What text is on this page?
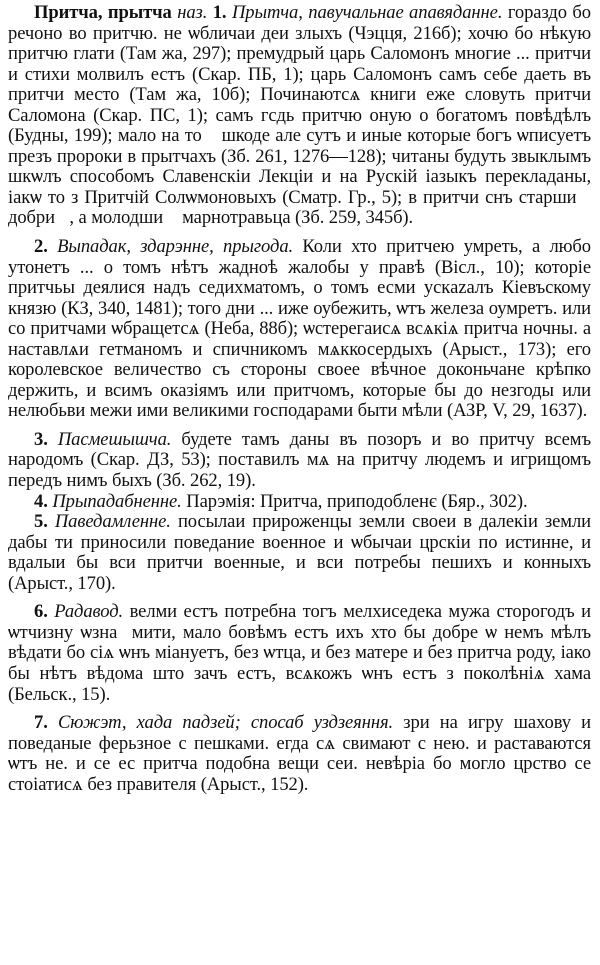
Притча, прытча наз. 1. Прытча, павучальнае апавяданне. гораздо бо речоно во притчю. не ѡбличаи деи злыхъ (Чэцця, 216б); хочю бо нѣкую притчю глати (Там жа, 297); премудрый царь Саломонъ многие ... притчи и стихи молвилъ естъ (Скар. ПБ, 1); царь Саломонъ самъ себе даеть въ притчи место (Там жа, 10б); Починаютсѧ книги еже словуть притчи Саломона (Скар. ПС, 1); самъ гсдь притчю оную о богатомъ повѣдѣлъ (Будны, 199); мало на тоⷭ шкоде але сутъ и иные которые богъ ѡписуетъ презъ пророки в прытчахъ (Зб. 261, 1276—128); читаны будуть звыклымъ шкѡлъ способомъ Славенскіи Лекціи и на Рускій іазыкъ перекладаны, іакѡ то з Притчій Солѡмоновыхъ (Сматр. Гр., 5); в притчи снъ старшиⷭ добриⷭ, а молодшиⷭ марнотравьца (Зб. 259, 345б).

2. Выпадак, здарэнне, прыгода. Коли хто притчею умреть, а любо утонетъ ... о томъ нѣтъ жадноѣ жалобы у правѣ (Bicл., 10); которіе притчьы деялися надъ седихматомъ, о томъ есми ускazалъ Кіевъскому князю (КЗ, 340, 1481); того дни ... иже оубежить, ѡтъ железа оумретъ. или со притчами ѡбращетсѧ (Неба, 88б); ѡстерегаисѧ всѧкіѧ притча ночны. а наставлѧи гетманомъ и спичникомъ мѧккосердыхъ (Арыст., 173); его королевское величество съ стороны своее вѣчное доконьчане крѣпко держить, и всимъ оказіямъ или притчомъ, которые бы до незгоды или нелюбьви межи ими великими господарами быти мѣли (АЗР, V, 29, 1637).

3. Пасмешышча. будете тамъ даны въ позоръ и во притчу всемъ народомъ (Скар. ДЗ, 53); поставилъ мѧ на притчу людемъ и игрищомъ передъ нимъ быхъ (Зб. 262, 19).

4. Прыпадабненне. Парэмія: Притча, приподобленє (Бяр., 302).

5. Паведамленне. посылаи прироженцы земли своеи в далекіи земли дабы ти приносили поведание военное и ѡбычаи црскіи по истинне, и вдалыи бы вси притчи военные, и вси потребы пешихъ и конныхъ (Арыст., 170).

6. Радавод. велми естъ потребна тогъ мелхиседека мужа сторогодъ и ѡтчизну ѡзнаⷭмити, мало бовѣмъ естъ ихъ хто бы добре ѡ немъ мѣлъ вѣдати бо сіѧ ѡнъ міануетъ, без ѡтца, и без матере и без притча роду, іако бы нѣтъ вѣдома што зачъ естъ, всѧкожъ ѡнъ естъ з поколѣніѧ хама (Бельск., 15).

7. Сюжэт, хада падзей; спосаб уздзеяння. зри на игру шахову и поведаные ферьзное с пешками. егда сѧ свимают с нею. и раставаются ѡтъ не. и се ес притча подобна вещи сеи. невѣріа бо могло црство се стоіатисѧ без правителя (Арыст., 152).
